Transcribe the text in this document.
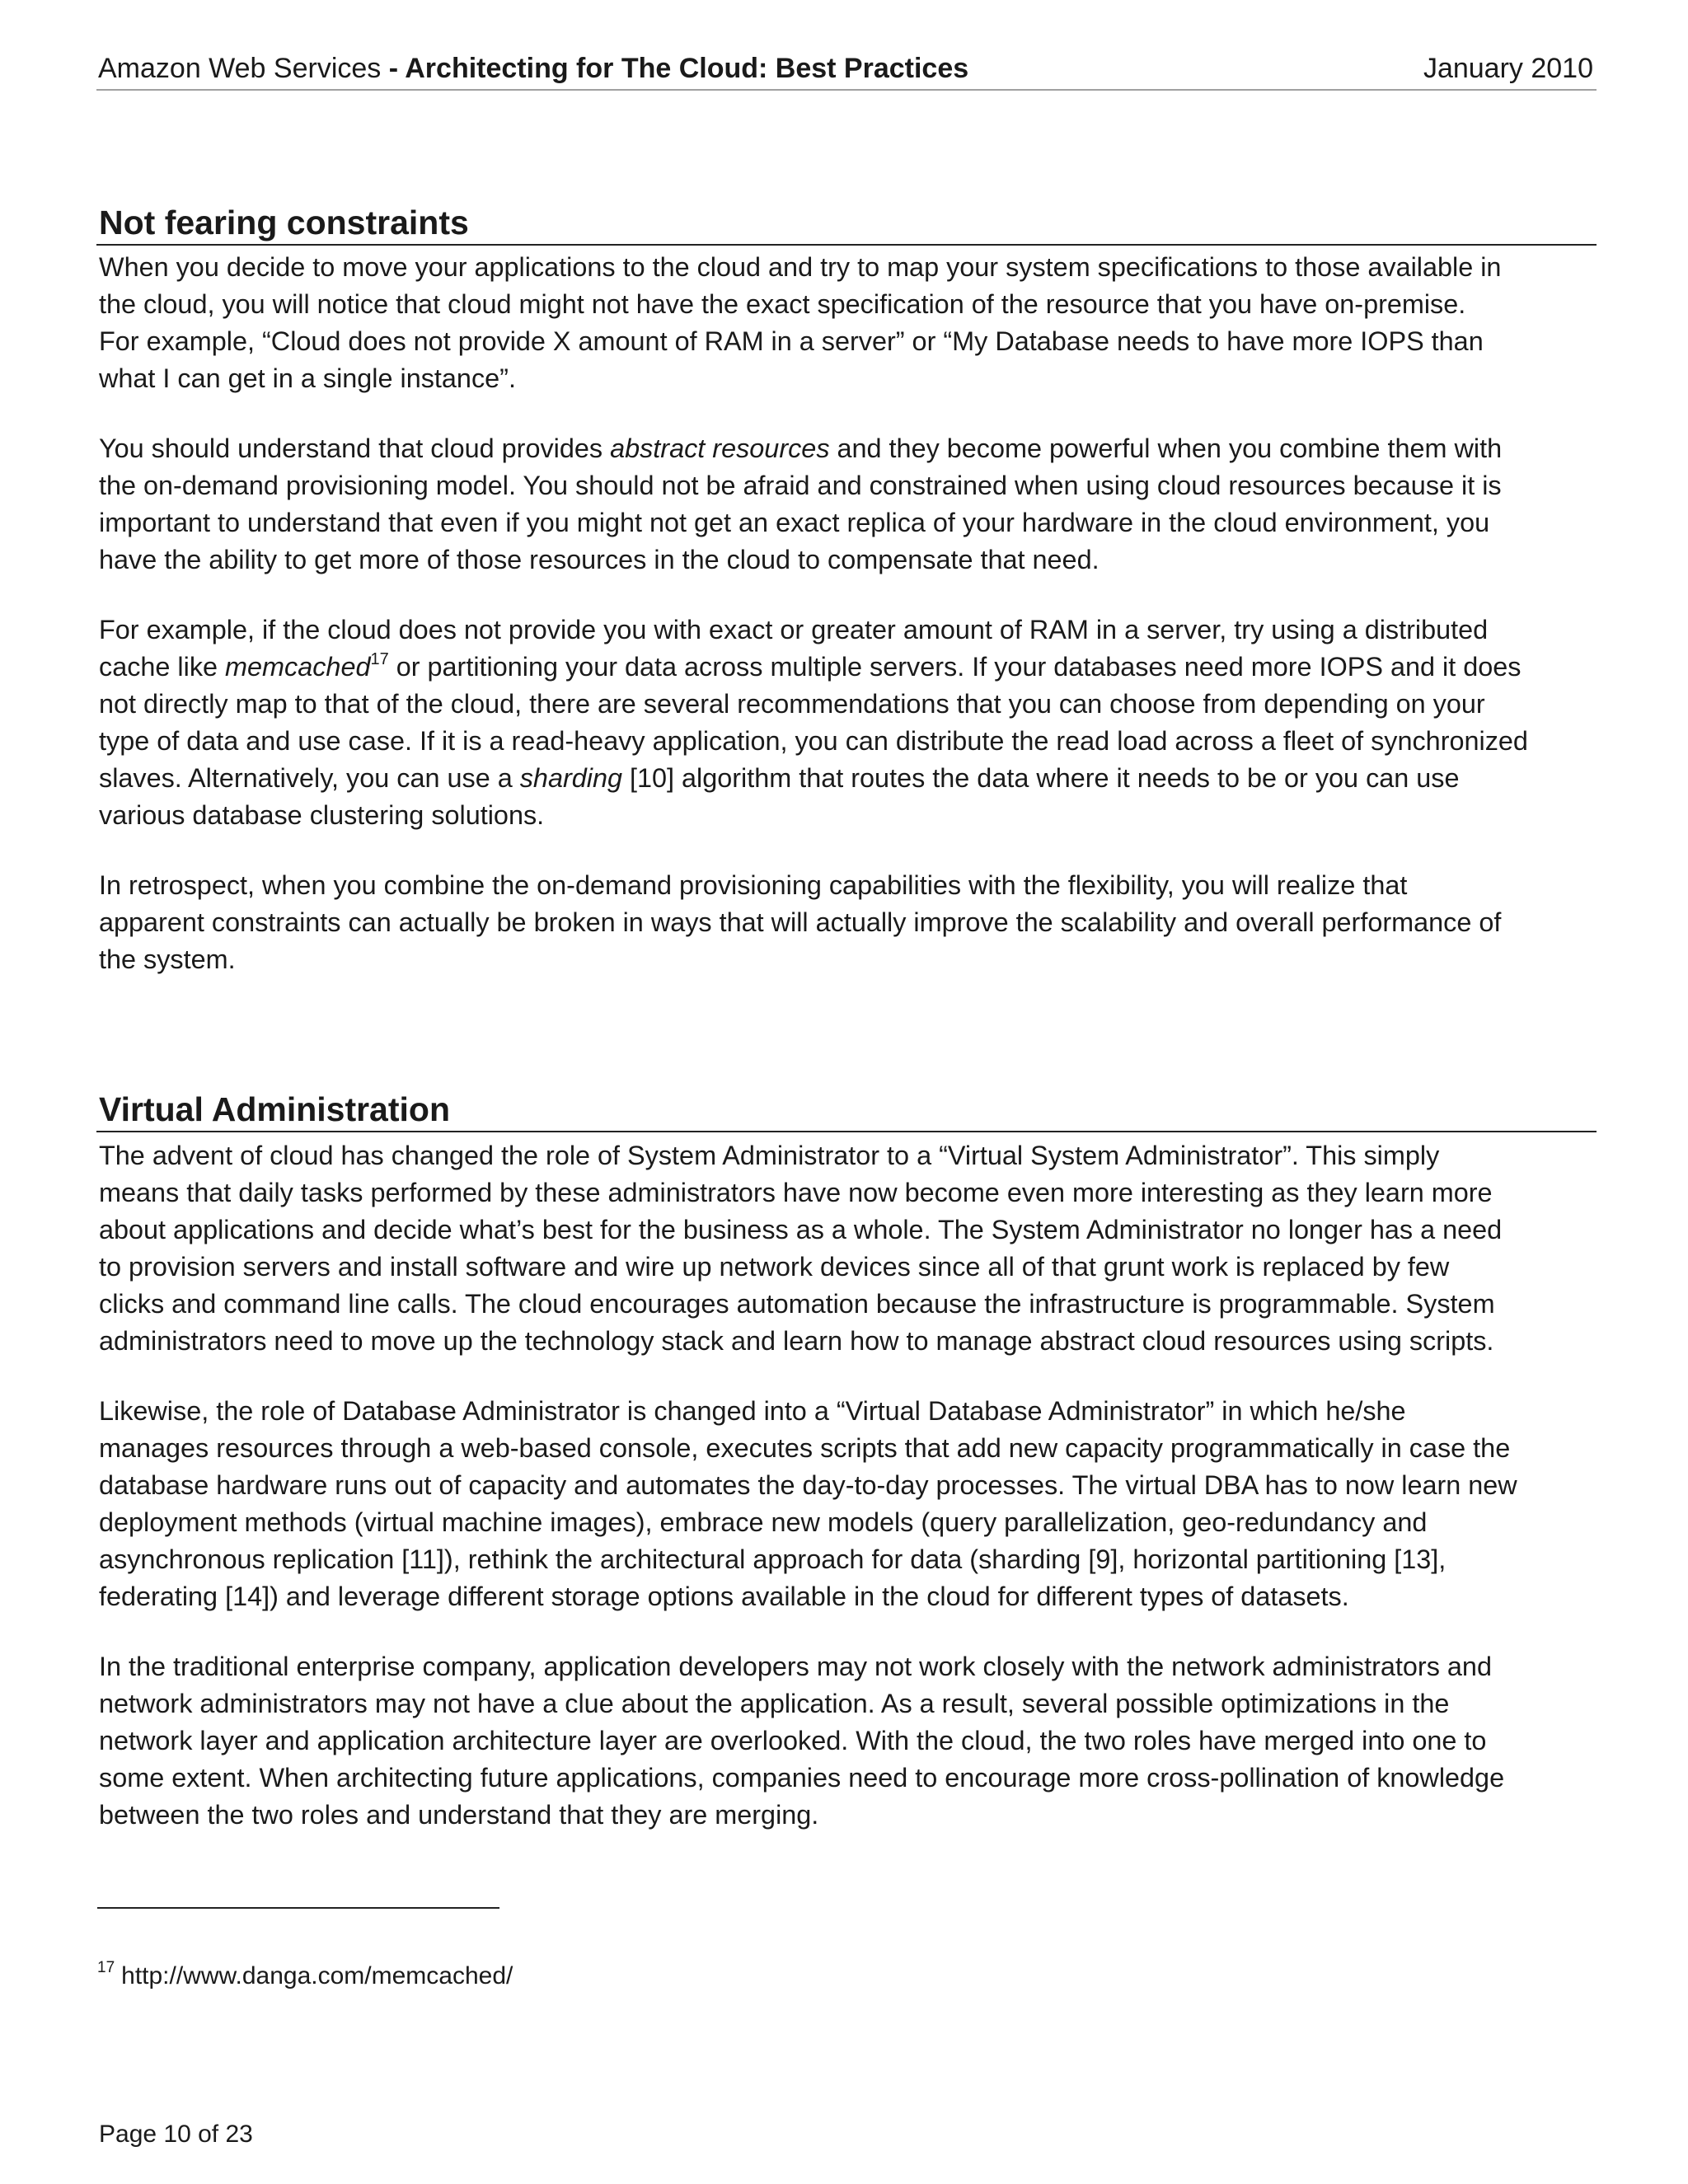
Amazon Web Services - Architecting for The Cloud: Best Practices	January 2010
Not fearing constraints

When you decide to move your applications to the cloud and try to map your system specifications to those available in
the cloud, you will notice that cloud might not have the exact specification of the resource that you have on-premise.
For example, “Cloud does not provide X amount of RAM in a server” or “My Database needs to have more IOPS than
what I can get in a single instance”.

You should understand that cloud provides abstract resources and they become powerful when you combine them with
the on-demand provisioning model. You should not be afraid and constrained when using cloud resources because it is
important to understand that even if you might not get an exact replica of your hardware in the cloud environment, you
have the ability to get more of those resources in the cloud to compensate that need.

For example, if the cloud does not provide you with exact or greater amount of RAM in a server, try using a distributed
cache like memcached$^{17}$ or partitioning your data across multiple servers. If your databases need more IOPS and it does
not directly map to that of the cloud, there are several recommendations that you can choose from depending on your
type of data and use case. If it is a read-heavy application, you can distribute the read load across a fleet of synchronized
slaves. Alternatively, you can use a sharding [10] algorithm that routes the data where it needs to be or you can use
various database clustering solutions.

In retrospect, when you combine the on-demand provisioning capabilities with the flexibility, you will realize that
apparent constraints can actually be broken in ways that will actually improve the scalability and overall performance of
the system.

Virtual Administration

The advent of cloud has changed the role of System Administrator to a “Virtual System Administrator”. This simply
means that daily tasks performed by these administrators have now become even more interesting as they learn more
about applications and decide what’s best for the business as a whole. The System Administrator no longer has a need
to provision servers and install software and wire up network devices since all of that grunt work is replaced by few
clicks and command line calls. The cloud encourages automation because the infrastructure is programmable. System
administrators need to move up the technology stack and learn how to manage abstract cloud resources using scripts.

Likewise, the role of Database Administrator is changed into a “Virtual Database Administrator” in which he/she
manages resources through a web-based console, executes scripts that add new capacity programmatically in case the
database hardware runs out of capacity and automates the day-to-day processes. The virtual DBA has to now learn new
deployment methods (virtual machine images), embrace new models (query parallelization, geo-redundancy and
asynchronous replication [11]), rethink the architectural approach for data (sharding [9], horizontal partitioning [13],
federating [14]) and leverage different storage options available in the cloud for different types of datasets.

In the traditional enterprise company, application developers may not work closely with the network administrators and
network administrators may not have a clue about the application. As a result, several possible optimizations in the
network layer and application architecture layer are overlooked. With the cloud, the two roles have merged into one to
some extent. When architecting future applications, companies need to encourage more cross-pollination of knowledge
between the two roles and understand that they are merging.

$^{17}$ http://www.danga.com/memcached/
Page 10 of 23
